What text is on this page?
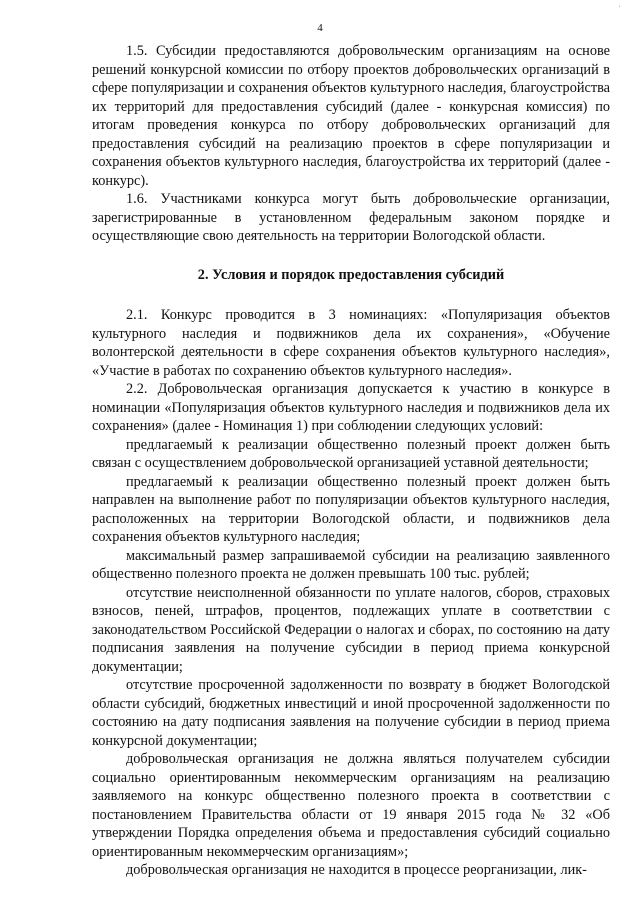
4
ˈ

1.5. Субсидии предоставляются добровольческим организациям на основе решений конкурсной комиссии по отбору проектов добровольческих организаций в сфере популяризации и сохранения объектов культурного наследия, благоустройства их территорий для предоставления субсидий (далее - конкурсная комиссия) по итогам проведения конкурса по отбору добровольческих организаций для предоставления субсидий на реализацию проектов в сфере популяризации и сохранения объектов культурного наследия, благоустройства их территорий (далее - конкурс).

1.6. Участниками конкурса могут быть добровольческие организации, зарегистрированные в установленном федеральным законом порядке и осуществляющие свою деятельность на территории Вологодской области.

2. Условия и порядок предоставления субсидий

2.1. Конкурс проводится в 3 номинациях: «Популяризация объектов культурного наследия и подвижников дела их сохранения», «Обучение волонтерской деятельности в сфере сохранения объектов культурного наследия», «Участие в работах по сохранению объектов культурного наследия».

2.2. Добровольческая организация допускается к участию в конкурсе в номинации «Популяризация объектов культурного наследия и подвижников дела их сохранения» (далее - Номинация 1) при соблюдении следующих условий:

предлагаемый к реализации общественно полезный проект должен быть связан с осуществлением добровольческой организацией уставной деятельности;

предлагаемый к реализации общественно полезный проект должен быть направлен на выполнение работ по популяризации объектов культурного наследия, расположенных на территории Вологодской области, и подвижников дела сохранения объектов культурного наследия;

максимальный размер запрашиваемой субсидии на реализацию заявленного общественно полезного проекта не должен превышать 100 тыс. рублей;

отсутствие неисполненной обязанности по уплате налогов, сборов, страховых взносов, пеней, штрафов, процентов, подлежащих уплате в соответствии с законодательством Российской Федерации о налогах и сборах, по состоянию на дату подписания заявления на получение субсидии в период приема конкурсной документации;

отсутствие просроченной задолженности по возврату в бюджет Вологодской области субсидий, бюджетных инвестиций и иной просроченной задолженности по состоянию на дату подписания заявления на получение субсидии в период приема конкурсной документации;

добровольческая организация не должна являться получателем субсидии социально ориентированным некоммерческим организациям на реализацию заявляемого на конкурс общественно полезного проекта в соответствии с постановлением Правительства области от 19 января 2015 года № 32 «Об утверждении Порядка определения объема и предоставления субсидий социально ориентированным некоммерческим организациям»;

добровольческая организация не находится в процессе реорганизации, лик-
